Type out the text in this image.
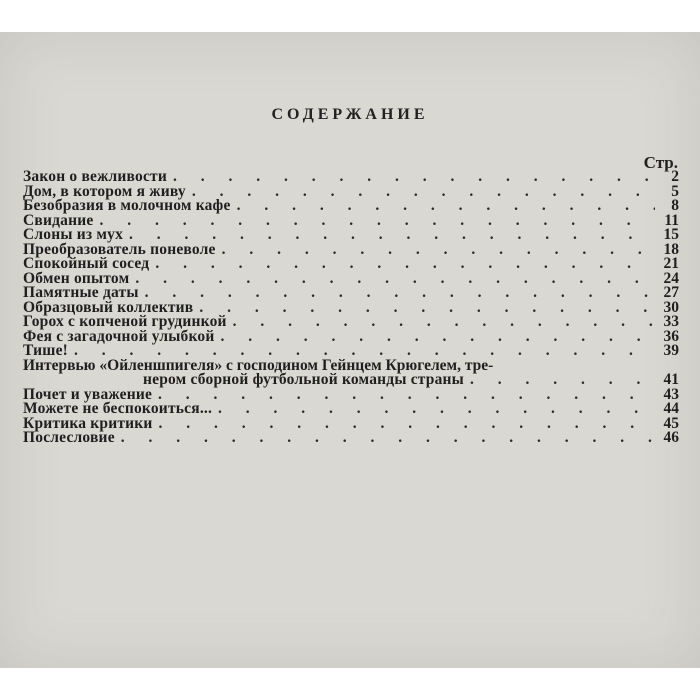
СОДЕРЖАНИЕ
Стр.
Закон о вежливости . . .	2
Дом, в котором я живу . . .	5
Безобразия в молочном кафе . . .	8
Свидание . . .	11
Слоны из мух . . .	15
Преобразователь поневоле . . .	18
Спокойный сосед . . .	21
Обмен опытом . . .	24
Памятные даты . . .	27
Образцовый коллектив . . .	30
Горох с копченой грудинкой . . .	33
Фея с загадочной улыбкой . . .	36
Тише! . . .	39
Интервью «Ойленшпигеля» с господином Гейнцем Крюгелем, тре-
нером сборной футбольной команды страны . . .	41
Почет и уважение . . .	43
Можете не беспокоиться... . . .	44
Критика критики . . .	45
Послесловие . . .	46
